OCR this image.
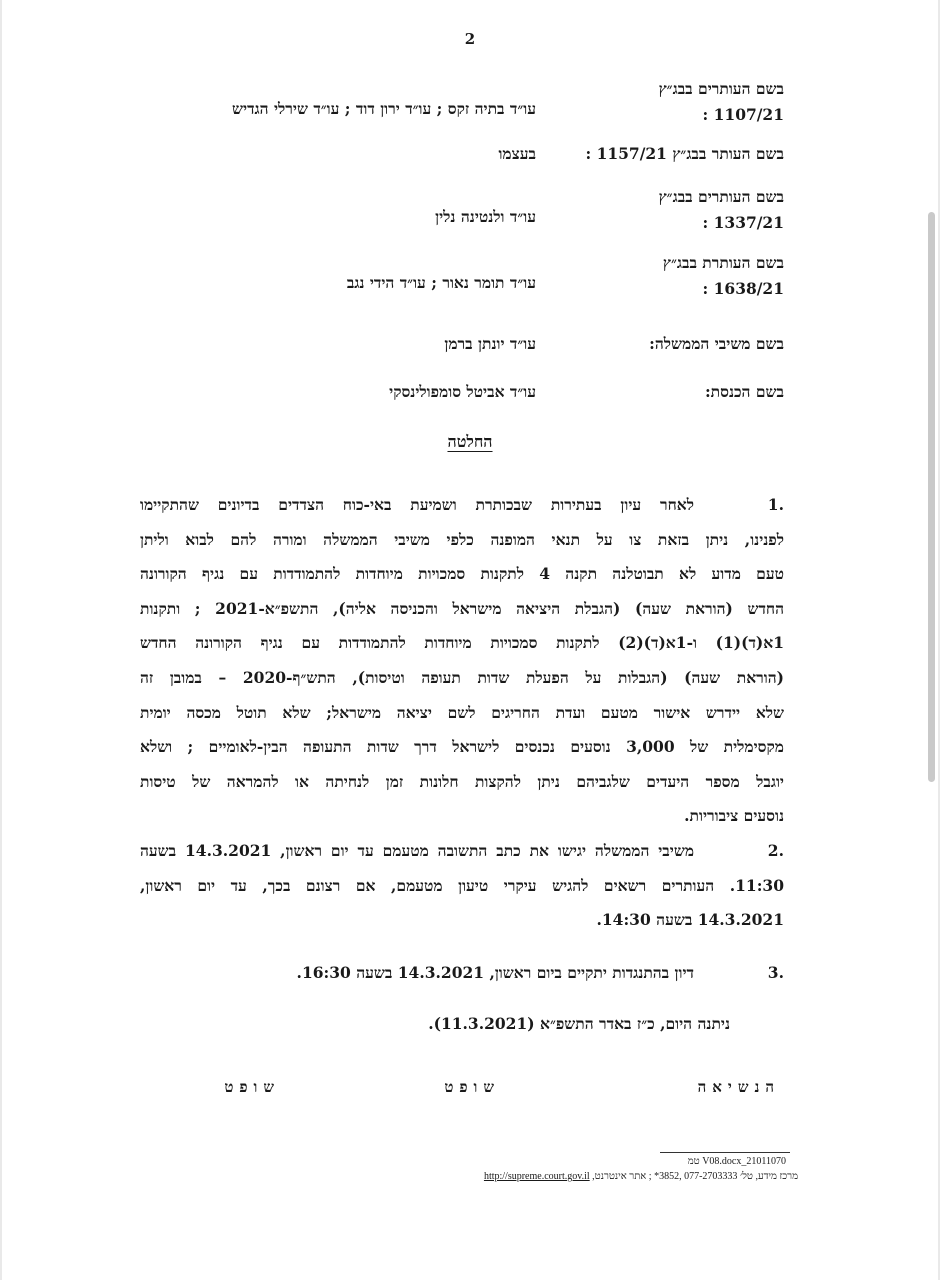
2
בשם העותרים בבג״ץ
1107/21 :
עו״ד בתיה זקס ; עו״ד ירון דוד ; עו״ד שירלי הגדיש
בשם העותר בבג״ץ 1157/21 :
בעצמו
בשם העותרים בבג״ץ
1337/21 :
עו״ד ולנטינה נלין
בשם העותרת בבג״ץ
1638/21 :
עו״ד תומר נאור ; עו״ד הידי נגב
בשם משיבי הממשלה:
עו״ד יונתן ברמן
בשם הכנסת:
עו״ד אביטל סומפולינסקי
החלטה
.1
לאחר עיון בעתירות שבכותרת ושמיעת באי-כוח הצדדים בדיונים שהתקיימו
לפנינו, ניתן בזאת צו על תנאי המופנה כלפי משיבי הממשלה ומורה להם לבוא וליתן
טעם מדוע לא תבוטלנה תקנה 4 לתקנות סמכויות מיוחדות להתמודדות עם נגיף הקורונה
החדש (הוראת שעה) (הגבלת היציאה מישראל והכניסה אליה), התשפ״א-2021 ; ותקנות
1א(ד)(1) ו-1א(ד)(2) לתקנות סמכויות מיוחדות להתמודדות עם נגיף הקורונה החדש
(הוראת שעה) (הגבלות על הפעלת שדות תעופה וטיסות), התש״ף-2020 – במובן זה
שלא יידרש אישור מטעם ועדת החריגים לשם יציאה מישראל; שלא תוטל מכסה יומית
מקסימלית של 3,000 נוסעים נכנסים לישראל דרך שדות התעופה הבין-לאומיים ; ושלא
יוגבל מספר היעדים שלגביהם ניתן להקצות חלונות זמן לנחיתה או להמראה של טיסות
נוסעים ציבוריות.
.2
משיבי הממשלה יגישו את כתב התשובה מטעמם עד יום ראשון, 14.3.2021 בשעה
11:30. העותרים רשאים להגיש עיקרי טיעון מטעמם, אם רצונם בכך, עד יום ראשון,
14.3.2021 בשעה 14:30.
.3
דיון בהתנגדות יתקיים ביום ראשון, 14.3.2021 בשעה 16:30.
ניתנה היום, כ״ז באדר התשפ״א (11.3.2021).
הנשיאה
שופט
שופט
21011070_V08.docx טמ
מרכז מידע, טל׳ 077-2703333 ,3852* ; אתר אינטרנט, http://supreme.court.gov.il
